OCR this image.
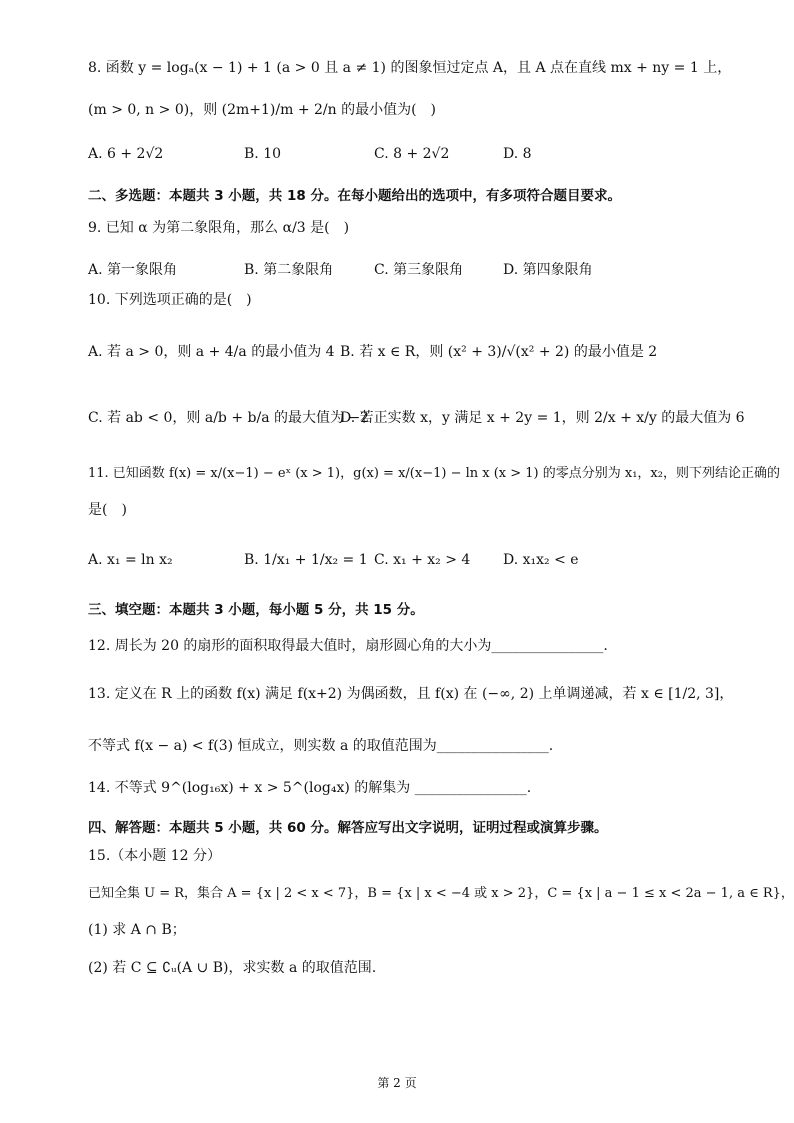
8. 函数 y = logₐ(x − 1) + 1 (a > 0 且 a ≠ 1) 的图象恒过定点 A，且 A 点在直线 mx + ny = 1 上，
(m > 0, n > 0)，则 (2m+1)/m + 2/n 的最小值为(　)
A. 6 + 2√2	B. 10	C. 8 + 2√2	D. 8
二、多选题：本题共 3 小题，共 18 分。在每小题给出的选项中，有多项符合题目要求。
9. 已知 α 为第二象限角，那么 α/3 是(　)
A. 第一象限角	B. 第二象限角	C. 第三象限角	D. 第四象限角
10. 下列选项正确的是(　)
A. 若 a > 0，则 a + 4/a 的最小值为 4 B. 若 x ∈ R，则 (x² + 3)/√(x² + 2) 的最小值是 2
C. 若 ab < 0，则 a/b + b/a 的最大值为 −2
D. 若正实数 x，y 满足 x + 2y = 1，则 2/x + x/y 的最大值为 6
11. 已知函数 f(x) = x/(x−1) − eˣ (x > 1)，g(x) = x/(x−1) − ln x (x > 1) 的零点分别为 x₁，x₂，则下列结论正确的
是(　)
A. x₁ = ln x₂	B. 1/x₁ + 1/x₂ = 1 C. x₁ + x₂ > 4 D. x₁x₂ < e
三、填空题：本题共 3 小题，每小题 5 分，共 15 分。
12. 周长为 20 的扇形的面积取得最大值时，扇形圆心角的大小为________________.
13. 定义在 R 上的函数 f(x) 满足 f(x+2) 为偶函数，且 f(x) 在 (−∞, 2) 上单调递减，若 x ∈ [1/2, 3]，
不等式 f(x − a) < f(3) 恒成立，则实数 a 的取值范围为________________.
14. 不等式 9^(log₁₆x) + x > 5^(log₄x) 的解集为 ________________.
四、解答题：本题共 5 小题，共 60 分。解答应写出文字说明，证明过程或演算步骤。
15.（本小题 12 分）
已知全集 U = R，集合 A = {x | 2 < x < 7}，B = {x | x < −4 或 x > 2}，C = {x | a − 1 ≤ x < 2a − 1, a ∈ R}，
(1) 求 A ∩ B；
(2) 若 C ⊆ ∁ᵤ(A ∪ B)，求实数 a 的取值范围.
第 2 页
